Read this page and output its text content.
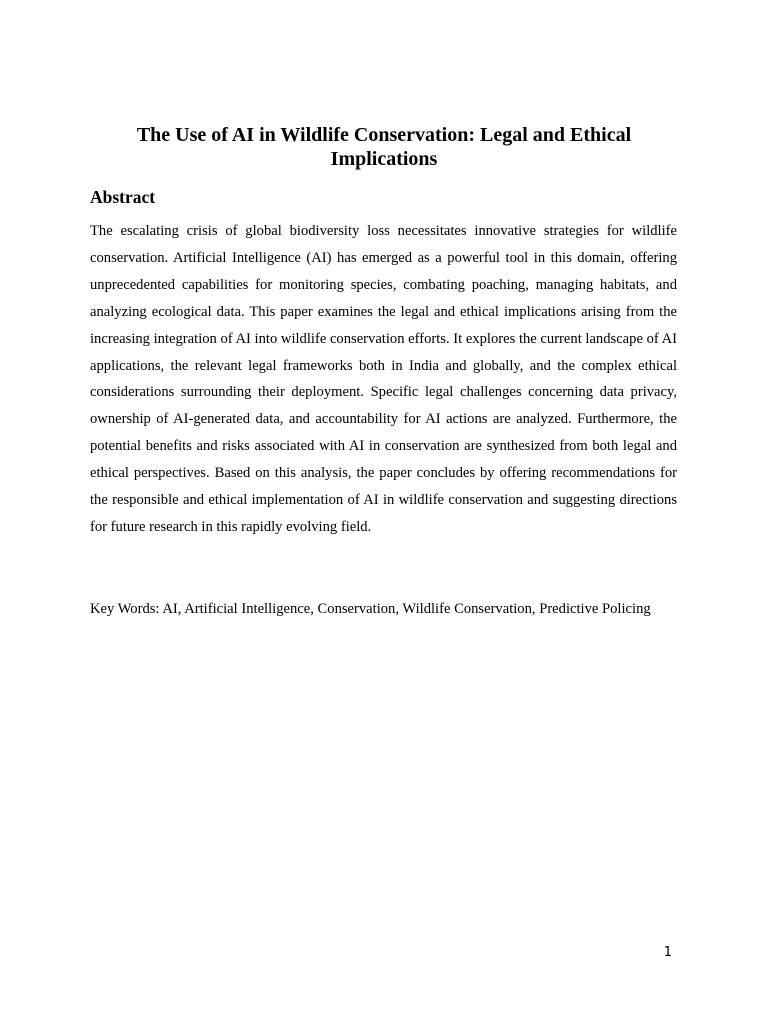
The Use of AI in Wildlife Conservation: Legal and Ethical Implications
Abstract

The escalating crisis of global biodiversity loss necessitates innovative strategies for wildlife conservation. Artificial Intelligence (AI) has emerged as a powerful tool in this domain, offering unprecedented capabilities for monitoring species, combating poaching, managing habitats, and analyzing ecological data. This paper examines the legal and ethical implications arising from the increasing integration of AI into wildlife conservation efforts. It explores the current landscape of AI applications, the relevant legal frameworks both in India and globally, and the complex ethical considerations surrounding their deployment. Specific legal challenges concerning data privacy, ownership of AI-generated data, and accountability for AI actions are analyzed. Furthermore, the potential benefits and risks associated with AI in conservation are synthesized from both legal and ethical perspectives. Based on this analysis, the paper concludes by offering recommendations for the responsible and ethical implementation of AI in wildlife conservation and suggesting directions for future research in this rapidly evolving field.

Key Words: AI, Artificial Intelligence, Conservation, Wildlife Conservation, Predictive Policing

1
